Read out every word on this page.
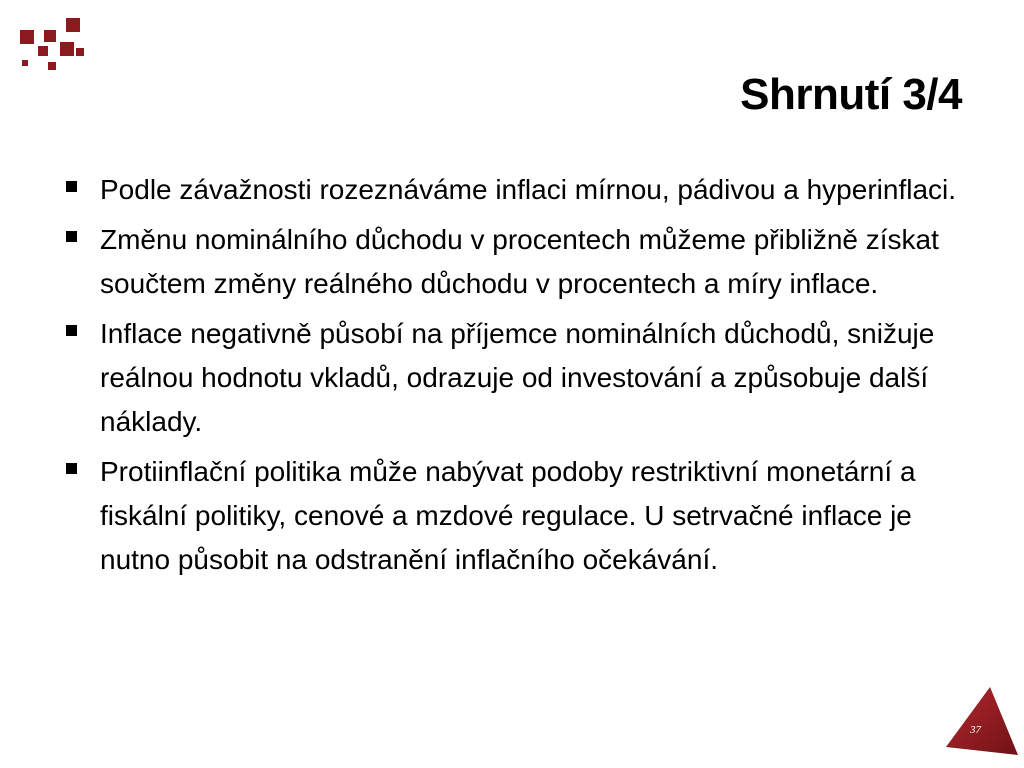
Shrnutí 3/4
Podle závažnosti rozeznáváme inflaci mírnou, pádivou a hyperinflaci.
Změnu nominálního důchodu v procentech můžeme přibližně získat součtem změny reálného důchodu v procentech a míry inflace.
Inflace negativně působí na příjemce nominálních důchodů, snižuje reálnou hodnotu vkladů, odrazuje od investování a způsobuje další náklady.
Protiinflační politika může nabývat podoby restriktivní monetární a fiskální politiky, cenové a mzdové regulace. U setrvačné inflace je nutno působit na odstranění inflačního očekávání.
37
